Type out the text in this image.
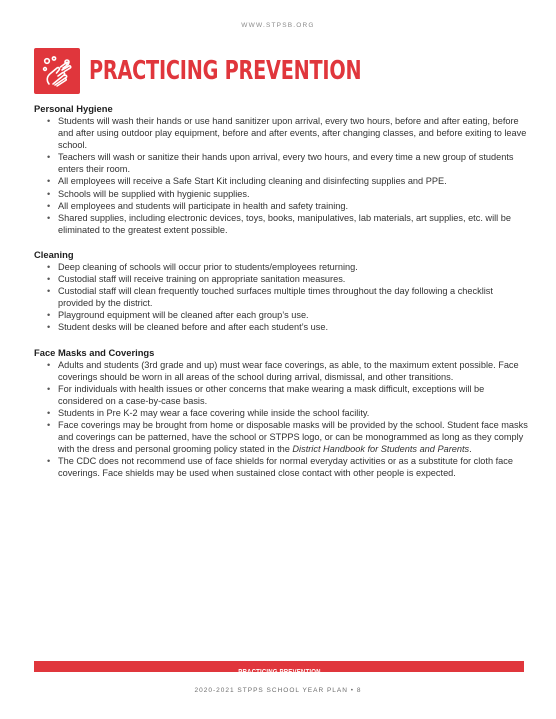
WWW.STPSB.ORG
PRACTICING PREVENTION

Personal Hygiene

• Students will wash their hands or use hand sanitizer upon arrival, every two hours, before and after eating, before and after using outdoor play equipment, before and after events, after changing classes, and before exiting to leave school.
• Teachers will wash or sanitize their hands upon arrival, every two hours, and every time a new group of students enters their room.
• All employees will receive a Safe Start Kit including cleaning and disinfecting supplies and PPE.
• Schools will be supplied with hygienic supplies.
• All employees and students will participate in health and safety training.
• Shared supplies, including electronic devices, toys, books, manipulatives, lab materials, art supplies, etc. will be eliminated to the greatest extent possible.

Cleaning

• Deep cleaning of schools will occur prior to students/employees returning.
• Custodial staff will receive training on appropriate sanitation measures.
• Custodial staff will clean frequently touched surfaces multiple times throughout the day following a checklist provided by the district.
• Playground equipment will be cleaned after each group’s use.
• Student desks will be cleaned before and after each student’s use.

Face Masks and Coverings

• Adults and students (3rd grade and up) must wear face coverings, as able, to the maximum extent possible. Face coverings should be worn in all areas of the school during arrival, dismissal, and other transitions.
• For individuals with health issues or other concerns that make wearing a mask difficult, exceptions will be considered on a case-by-case basis.
• Students in Pre K-2 may wear a face covering while inside the school facility.
• Face coverings may be brought from home or disposable masks will be provided by the school. Student face masks and coverings can be patterned, have the school or STPPS logo, or can be monogrammed as long as they comply with the dress and personal grooming policy stated in the District Handbook for Students and Parents.
• The CDC does not recommend use of face shields for normal everyday activities or as a substitute for cloth face coverings. Face shields may be used when sustained close contact with other people is expected.
PRACTICING PREVENTION
2020-2021 STPPS SCHOOL YEAR PLAN • 8
